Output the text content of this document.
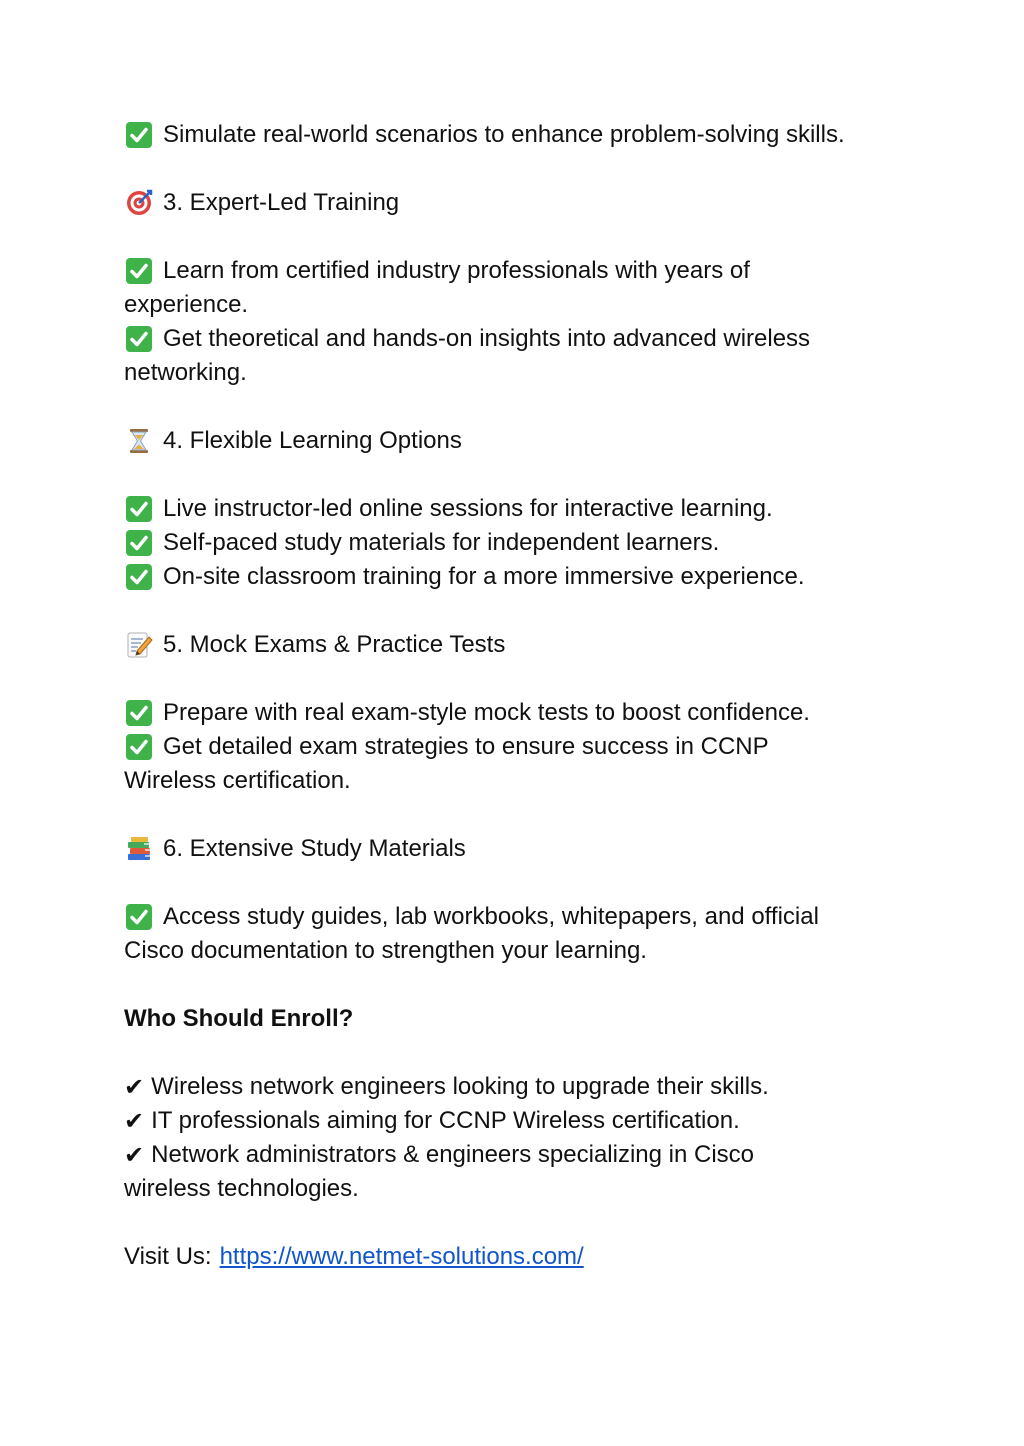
Simulate real-world scenarios to enhance problem-solving skills.
3. Expert-Led Training
Learn from certified industry professionals with years of
experience.
Get theoretical and hands-on insights into advanced wireless
networking.
4. Flexible Learning Options
Live instructor-led online sessions for interactive learning.
Self-paced study materials for independent learners.
On-site classroom training for a more immersive experience.
5. Mock Exams & Practice Tests
Prepare with real exam-style mock tests to boost confidence.
Get detailed exam strategies to ensure success in CCNP
Wireless certification.
6. Extensive Study Materials
Access study guides, lab workbooks, whitepapers, and official
Cisco documentation to strengthen your learning.
Who Should Enroll?
✔ Wireless network engineers looking to upgrade their skills.
✔ IT professionals aiming for CCNP Wireless certification.
✔ Network administrators & engineers specializing in Cisco
wireless technologies.
Visit Us: https://www.netmet-solutions.com/
